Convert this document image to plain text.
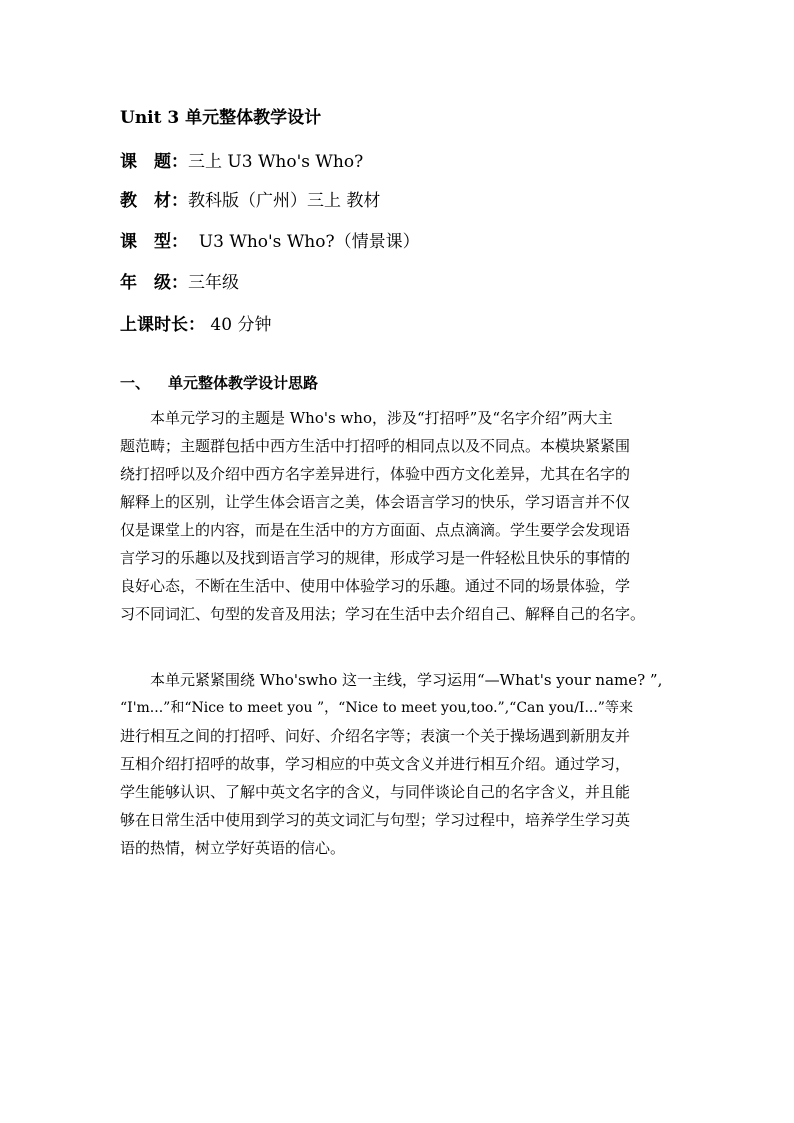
Unit 3 单元整体教学设计
课　题：三上 U3 Who's Who?
教　材：教科版（广州）三上 教材
课　型：  U3 Who's Who?（情景课）
年　级：三年级
上课时长： 40 分钟
一、 单元整体教学设计思路
　　本单元学习的主题是 Who's who，涉及“打招呼”及“名字介绍”两大主
题范畴；主题群包括中西方生活中打招呼的相同点以及不同点。本模块紧紧围
绕打招呼以及介绍中西方名字差异进行，体验中西方文化差异，尤其在名字的
解释上的区别，让学生体会语言之美，体会语言学习的快乐，学习语言并不仅
仅是课堂上的内容，而是在生活中的方方面面、点点滴滴。学生要学会发现语
言学习的乐趣以及找到语言学习的规律，形成学习是一件轻松且快乐的事情的
良好心态，不断在生活中、使用中体验学习的乐趣。通过不同的场景体验，学
习不同词汇、句型的发音及用法；学习在生活中去介绍自己、解释自己的名字。
　　本单元紧紧围绕 Who'swho 这一主线，学习运用“—What's your name? ”,
“I'm...”和“Nice to meet you ”，“Nice to meet you,too.”,“Can you/I...”等来
进行相互之间的打招呼、问好、介绍名字等；表演一个关于操场遇到新朋友并
互相介绍打招呼的故事，学习相应的中英文含义并进行相互介绍。通过学习，
学生能够认识、了解中英文名字的含义，与同伴谈论自己的名字含义，并且能
够在日常生活中使用到学习的英文词汇与句型；学习过程中，培养学生学习英
语的热情，树立学好英语的信心。
